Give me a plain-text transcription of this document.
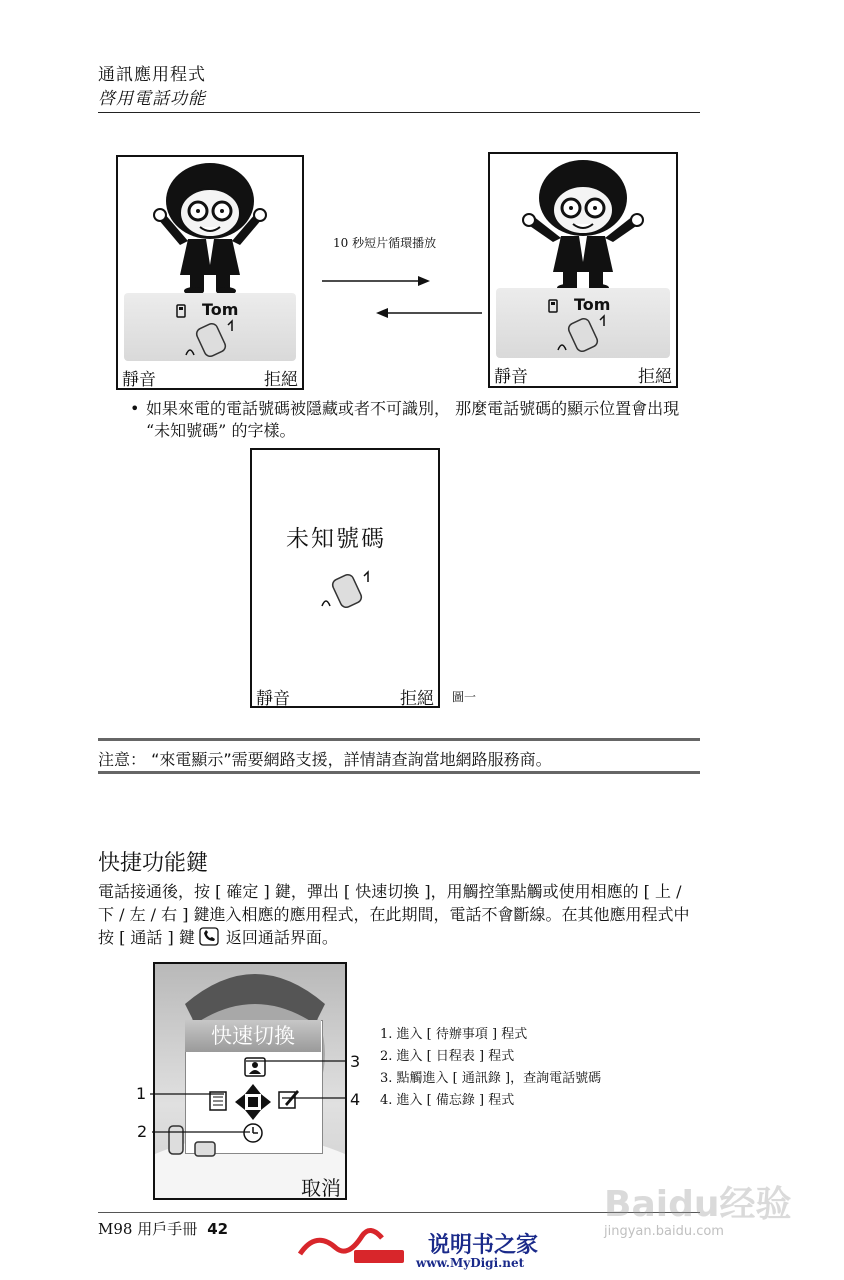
通訊應用程式
啓用電話功能
Tom
靜音	拒絕
10 秒短片循環播放
Tom
靜音	拒絕
• 如果來電的電話號碼被隱藏或者不可識別， 那麼電話號碼的顯示位置會出現 “未知號碼” 的字樣。
靜音	拒絕
未知號碼
圖一
注意： “來電顯示”需要網路支援，詳情請查詢當地網路服務商。
快捷功能鍵
電話接通後，按 [ 確定 ] 鍵，彈出 [ 快速切換 ]，用觸控筆點觸或使用相應的 [ 上 / 下 / 左 / 右 ] 鍵進入相應的應用程式，在此期間，電話不會斷線。在其他應用程式中按 [ 通話 ] 鍵 返回通話界面。
快速切換
取消
1
2
3
4
1. 進入 [ 待辦事項 ] 程式
2. 進入 [ 日程表 ] 程式
3. 點觸進入 [ 通訊錄 ]，查詢電話號碼
4. 進入 [ 備忘錄 ] 程式
M98 用戶手冊 42
说明书之家
www.MyDigi.net
Baidu经验
jingyan.baidu.com
